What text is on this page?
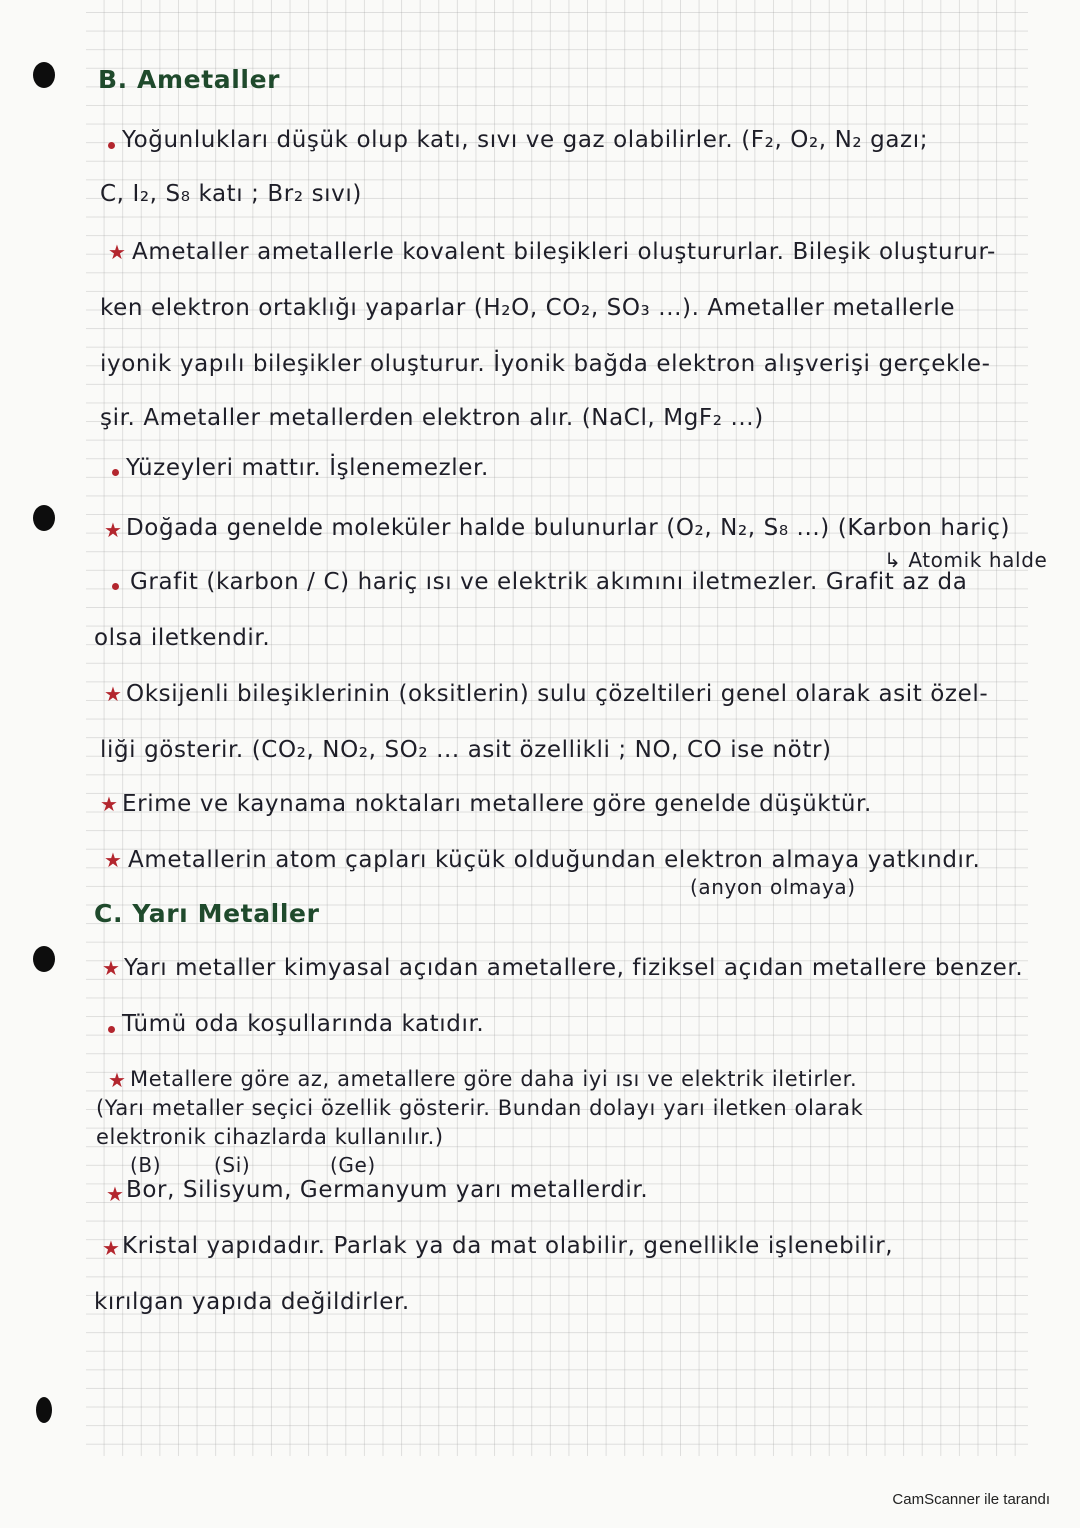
B. Ametaller
Yoğunlukları düşük olup katı, sıvı ve gaz olabilirler. (F₂, O₂, N₂ gazı;
C, I₂, S₈ katı ; Br₂ sıvı)
★ Ametaller ametallerle kovalent bileşikleri oluştururlar. Bileşik oluşturur-
ken elektron ortaklığı yaparlar (H₂O, CO₂, SO₃ ...). Ametaller metallerle
iyonik yapılı bileşikler oluşturur. İyonik bağda elektron alışverişi gerçekle-
şir. Ametaller metallerden elektron alır. (NaCl, MgF₂ ...)
Yüzeyleri mattır. İşlenemezler.
★ Doğada genelde moleküler halde bulunurlar (O₂, N₂, S₈ ...) (Karbon hariç)
↳ Atomik halde
Grafit (karbon / C) hariç ısı ve elektrik akımını iletmezler. Grafit az da
olsa iletkendir.
★ Oksijenli bileşiklerinin (oksitlerin) sulu çözeltileri genel olarak asit özel-
liği gösterir. (CO₂, NO₂, SO₂ ... asit özellikli ; NO, CO ise nötr)
★ Erime ve kaynama noktaları metallere göre genelde düşüktür.
★ Ametallerin atom çapları küçük olduğundan elektron almaya yatkındır.
(anyon olmaya)
C. Yarı Metaller
★ Yarı metaller kimyasal açıdan ametallere, fiziksel açıdan metallere benzer.
Tümü oda koşullarında katıdır.
★ Metallere göre az, ametallere göre daha iyi ısı ve elektrik iletirler.
(Yarı metaller seçici özellik gösterir. Bundan dolayı yarı iletken olarak
elektronik cihazlarda kullanılır.)
(B)	(Si)	(Ge)
★ Bor, Silisyum, Germanyum yarı metallerdir.
★ Kristal yapıdadır. Parlak ya da mat olabilir, genellikle işlenebilir,
kırılgan yapıda değildirler.
CamScanner ile tarandı
